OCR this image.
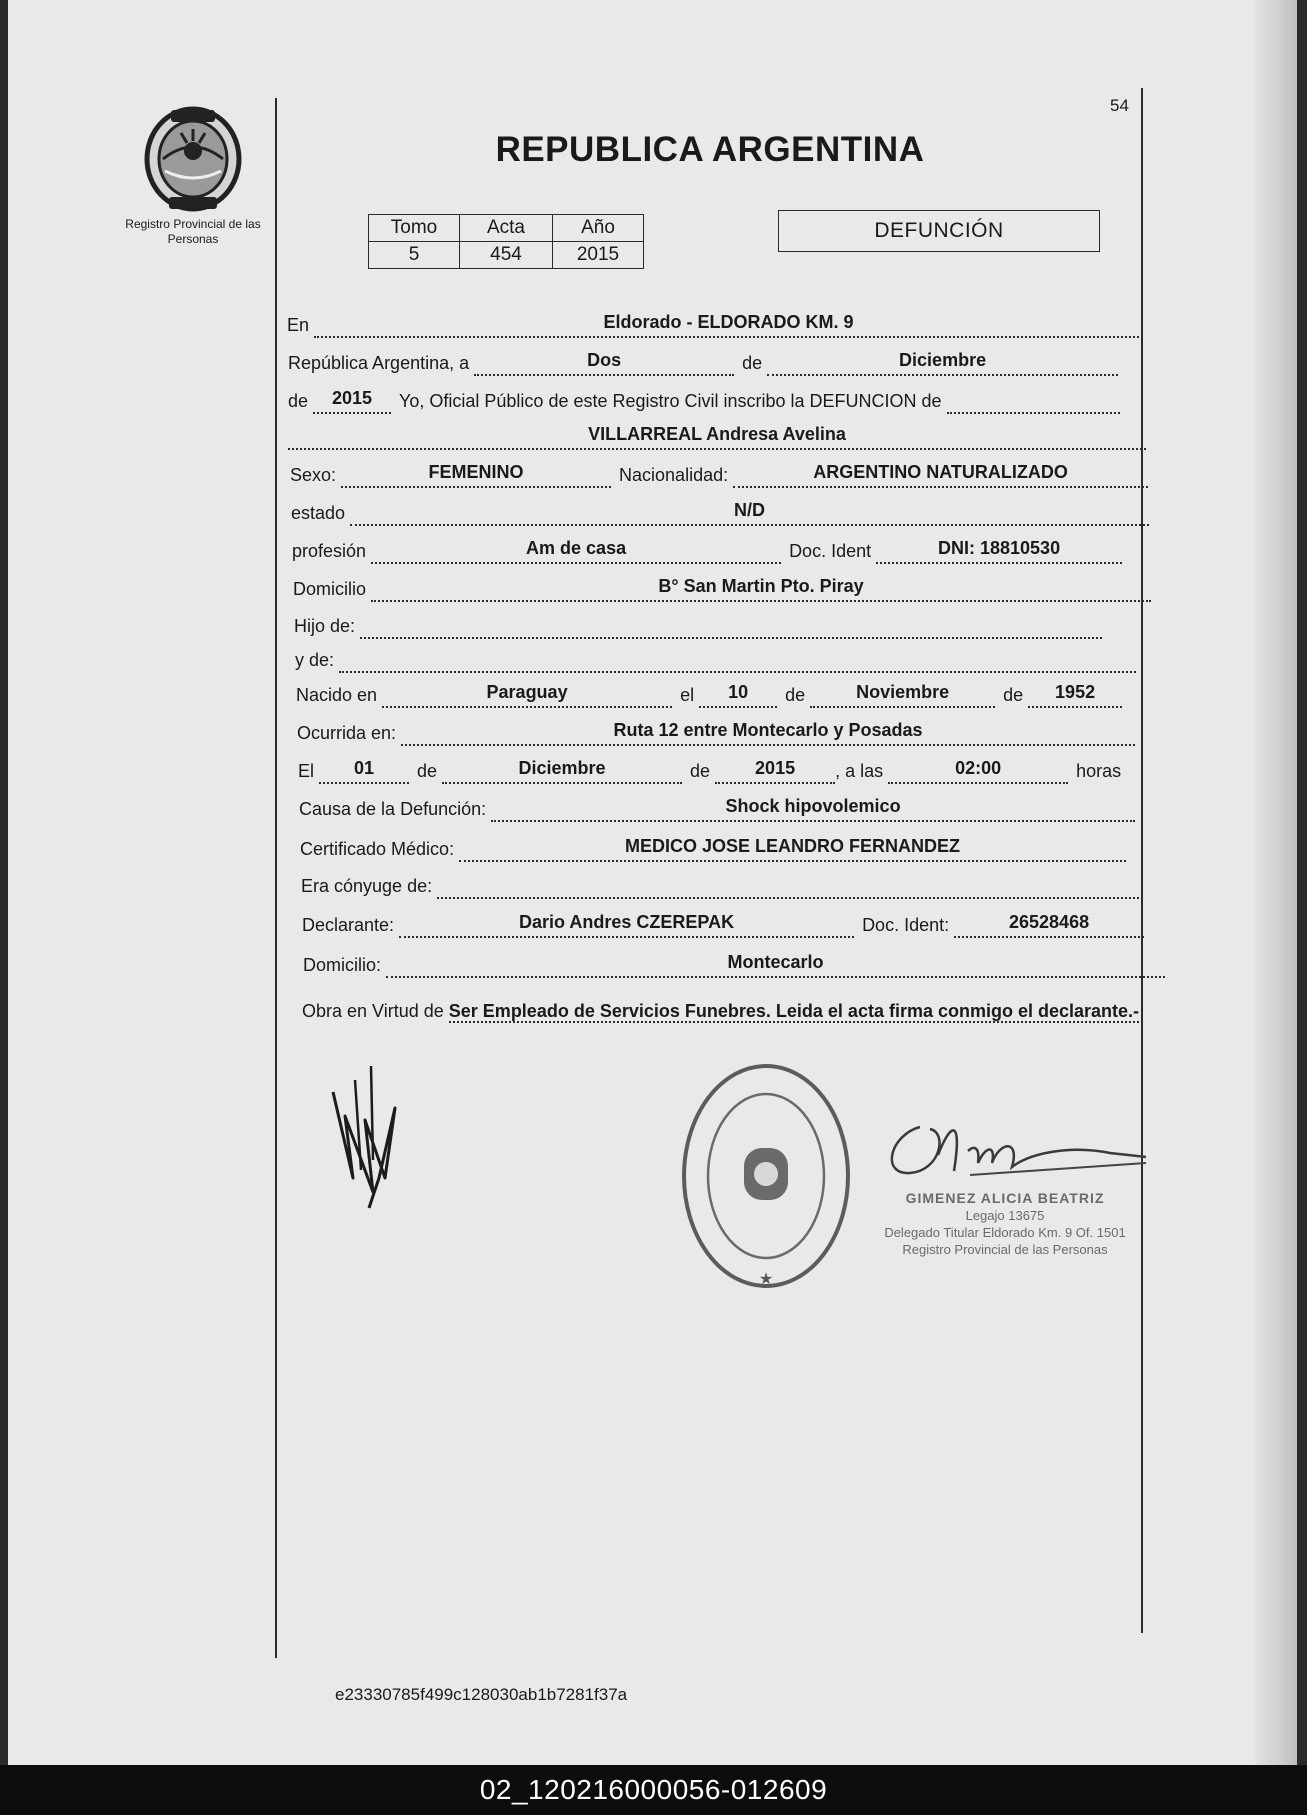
Registro Provincial de las Personas
54
REPUBLICA ARGENTINA
Tomo	Acta	Año
5	454	2015
DEFUNCIÓN
En	Eldorado - ELDORADO KM. 9
República Argentina, a	Dos	de	Diciembre
de	2015	Yo, Oficial Público de este Registro Civil inscribo la DEFUNCION de
VILLARREAL Andresa Avelina
Sexo:	FEMENINO	Nacionalidad:	ARGENTINO NATURALIZADO
estado	N/D
profesión	Am de casa	Doc. Ident	DNI: 18810530
Domicilio	B° San Martin Pto. Piray
Hijo de:
y de:
Nacido en	Paraguay	el	10	de	Noviembre	de	1952
Ocurrida en:	Ruta 12 entre Montecarlo y Posadas
El	01	de	Diciembre	de	2015	, a las	02:00	horas
Causa de la Defunción:	Shock hipovolemico
Certificado Médico:	MEDICO JOSE LEANDRO FERNANDEZ
Era cónyuge de:
Declarante:	Dario Andres CZEREPAK	Doc. Ident:	26528468
Domicilio:	Montecarlo
Obra en Virtud de Ser Empleado de Servicios Funebres. Leida el acta firma conmigo el declarante.-
★
GIMENEZ ALICIA BEATRIZ
Legajo 13675
Delegado Titular Eldorado Km. 9 Of. 1501
Registro Provincial de las Personas
e23330785f499c128030ab1b7281f37a
02_120216000056-012609
